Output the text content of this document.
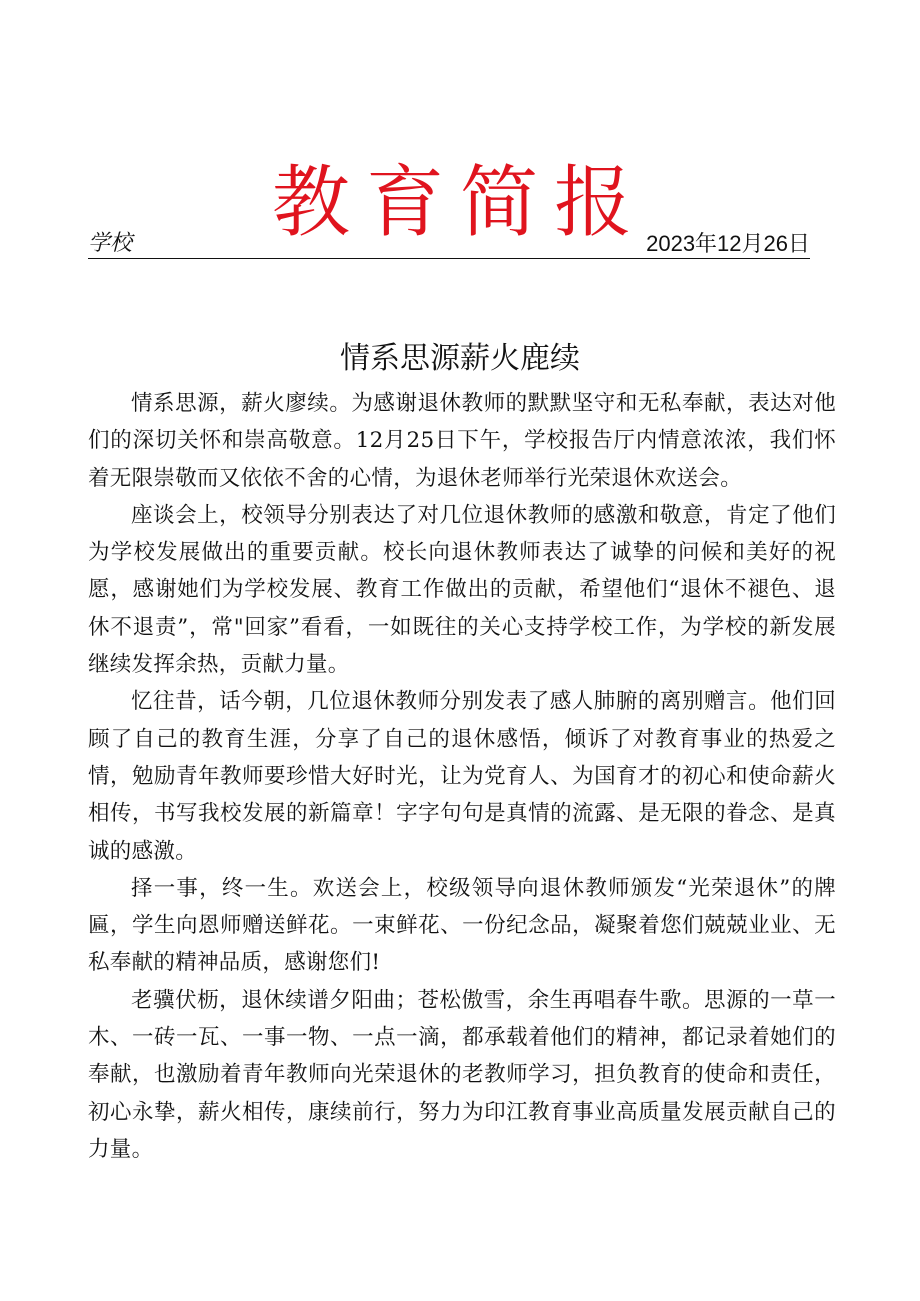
教育简报
学校	2023年12月26日
情系思源薪火鹿续

情系思源，薪火廖续。为感谢退休教师的默默坚守和无私奉献，表达对他们的深切关怀和崇高敬意。12月25日下午，学校报告厅内情意浓浓，我们怀着无限崇敬而又依依不舍的心情，为退休老师举行光荣退休欢送会。

座谈会上，校领导分别表达了对几位退休教师的感激和敬意，肯定了他们为学校发展做出的重要贡献。校长向退休教师表达了诚挚的问候和美好的祝愿，感谢她们为学校发展、教育工作做出的贡献，希望他们“退休不褪色、退休不退责”，常"回家”看看，一如既往的关心支持学校工作，为学校的新发展继续发挥余热，贡献力量。

忆往昔，话今朝，几位退休教师分别发表了感人肺腑的离别赠言。他们回顾了自己的教育生涯，分享了自己的退休感悟，倾诉了对教育事业的热爱之情，勉励青年教师要珍惜大好时光，让为党育人、为国育才的初心和使命薪火相传，书写我校发展的新篇章！字字句句是真情的流露、是无限的眷念、是真诚的感激。

择一事，终一生。欢送会上，校级领导向退休教师颁发“光荣退休”的牌匾，学生向恩师赠送鲜花。一束鲜花、一份纪念品，凝聚着您们兢兢业业、无私奉献的精神品质，感谢您们!

老骥伏枥，退休续谱夕阳曲；苍松傲雪，余生再唱春牛歌。思源的一草一木、一砖一瓦、一事一物、一点一滴，都承载着他们的精神，都记录着她们的奉献，也激励着青年教师向光荣退休的老教师学习，担负教育的使命和责任，初心永挚，薪火相传，康续前行，努力为印江教育事业高质量发展贡献自己的力量。
